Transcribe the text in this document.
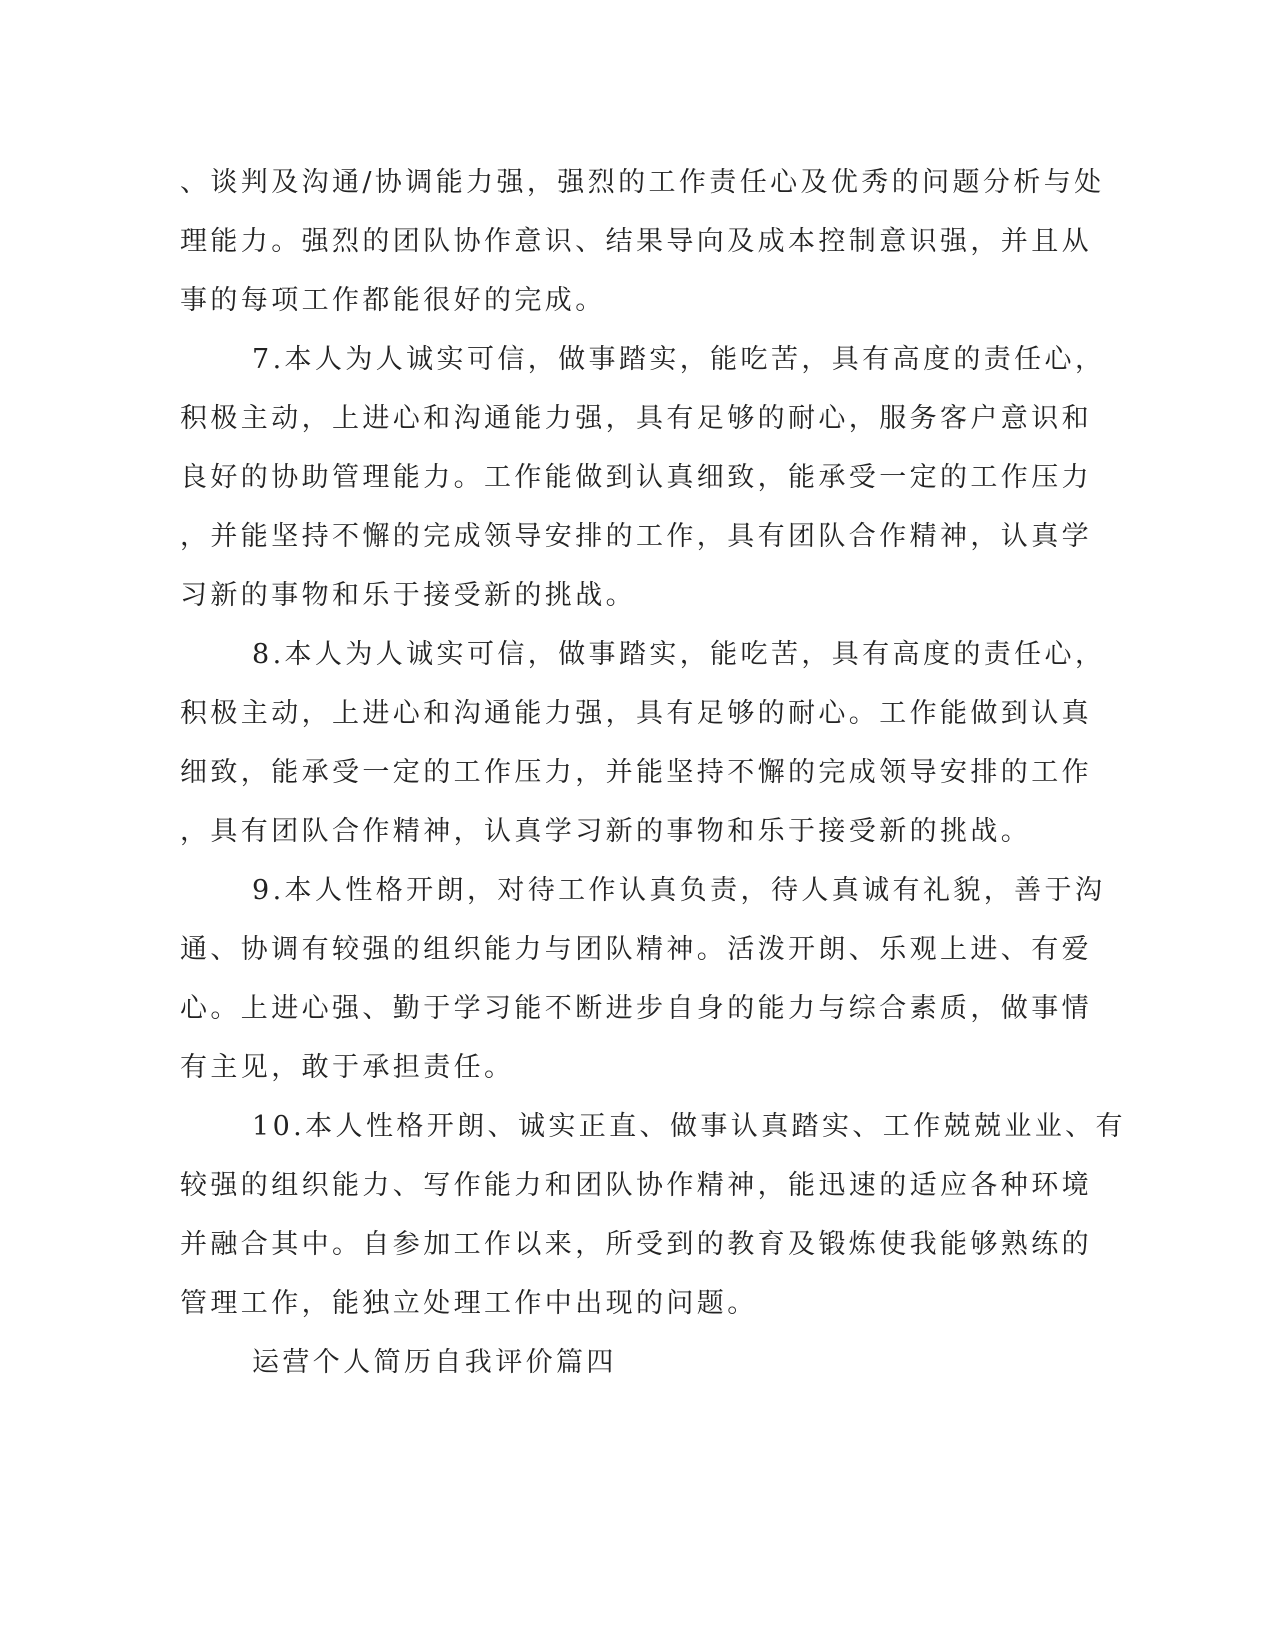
、谈判及沟通/协调能力强，强烈的工作责任心及优秀的问题分析与处
理能力。强烈的团队协作意识、结果导向及成本控制意识强，并且从
事的每项工作都能很好的完成。
7.本人为人诚实可信，做事踏实，能吃苦，具有高度的责任心，
积极主动，上进心和沟通能力强，具有足够的耐心，服务客户意识和
良好的协助管理能力。工作能做到认真细致，能承受一定的工作压力
，并能坚持不懈的完成领导安排的工作，具有团队合作精神，认真学
习新的事物和乐于接受新的挑战。
8.本人为人诚实可信，做事踏实，能吃苦，具有高度的责任心，
积极主动，上进心和沟通能力强，具有足够的耐心。工作能做到认真
细致，能承受一定的工作压力，并能坚持不懈的完成领导安排的工作
，具有团队合作精神，认真学习新的事物和乐于接受新的挑战。
9.本人性格开朗，对待工作认真负责，待人真诚有礼貌，善于沟
通、协调有较强的组织能力与团队精神。活泼开朗、乐观上进、有爱
心。上进心强、勤于学习能不断进步自身的能力与综合素质，做事情
有主见，敢于承担责任。
10.本人性格开朗、诚实正直、做事认真踏实、工作兢兢业业、有
较强的组织能力、写作能力和团队协作精神，能迅速的适应各种环境
并融合其中。自参加工作以来，所受到的教育及锻炼使我能够熟练的
管理工作，能独立处理工作中出现的问题。
运营个人简历自我评价篇四
